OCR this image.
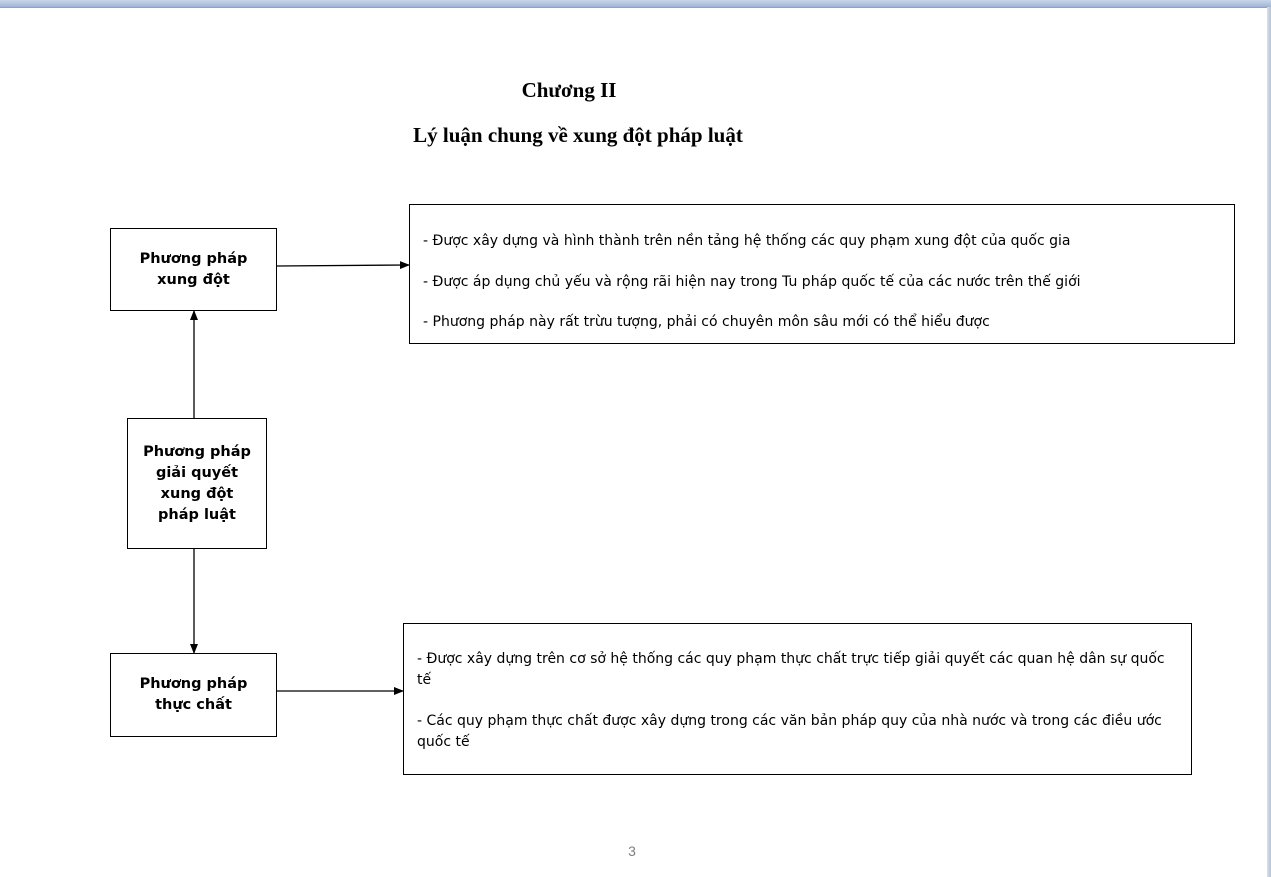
Chương II
Lý luận chung về xung đột pháp luật
Phương pháp xung đột
Phương pháp giải quyết xung đột pháp luật
Phương pháp thực chất

- Được xây dựng và hình thành trên nền tảng hệ thống các quy phạm xung đột của quốc gia

- Được áp dụng chủ yếu và rộng rãi hiện nay trong Tu pháp quốc tế của các nước trên thế giới

- Phương pháp này rất trừu tượng, phải có chuyên môn sâu mới có thể hiểu được

- Được xây dựng trên cơ sở hệ thống các quy phạm thực chất trực tiếp giải quyết các quan hệ dân sự quốc tế

- Các quy phạm thực chất được xây dựng trong các văn bản pháp quy của nhà nước và trong các điều ước quốc tế

3
